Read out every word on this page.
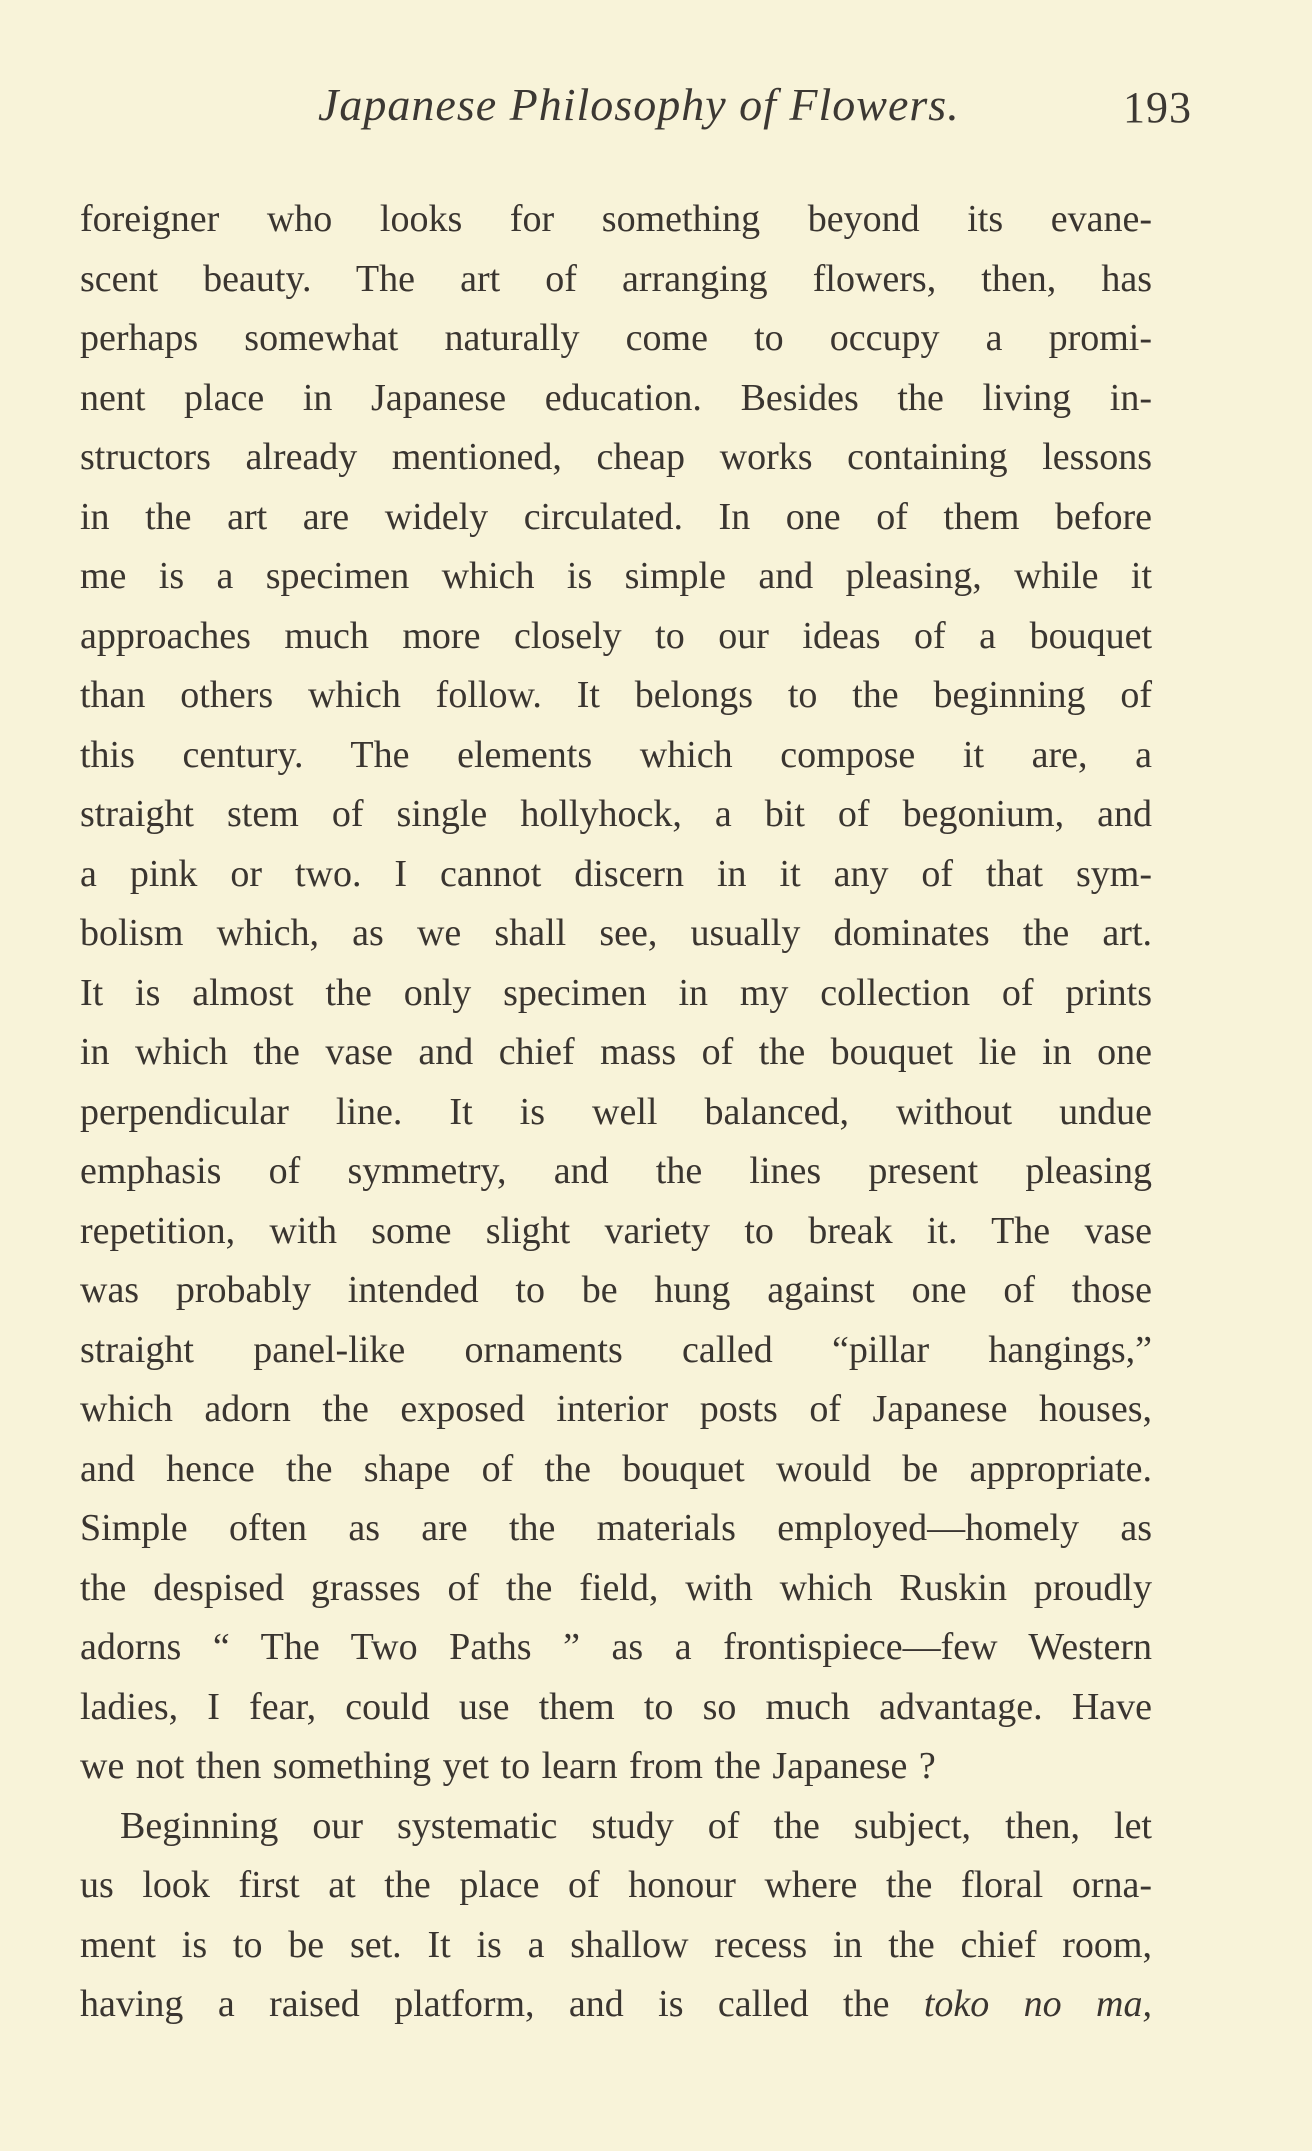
Japanese Philosophy of Flowers.	193
foreigner who looks for something beyond its evane-
scent beauty. The art of arranging flowers, then, has
perhaps somewhat naturally come to occupy a promi-
nent place in Japanese education. Besides the living in-
structors already mentioned, cheap works containing lessons
in the art are widely circulated. In one of them before
me is a specimen which is simple and pleasing, while it
approaches much more closely to our ideas of a bouquet
than others which follow. It belongs to the beginning of
this century. The elements which compose it are, a
straight stem of single hollyhock, a bit of begonium, and
a pink or two. I cannot discern in it any of that sym-
bolism which, as we shall see, usually dominates the art.
It is almost the only specimen in my collection of prints
in which the vase and chief mass of the bouquet lie in one
perpendicular line. It is well balanced, without undue
emphasis of symmetry, and the lines present pleasing
repetition, with some slight variety to break it. The vase
was probably intended to be hung against one of those
straight panel-like ornaments called “pillar hangings,”
which adorn the exposed interior posts of Japanese houses,
and hence the shape of the bouquet would be appropriate.
Simple often as are the materials employed—homely as
the despised grasses of the field, with which Ruskin proudly
adorns “ The Two Paths ” as a frontispiece—few Western
ladies, I fear, could use them to so much advantage. Have
we not then something yet to learn from the Japanese ?
Beginning our systematic study of the subject, then, let
us look first at the place of honour where the floral orna-
ment is to be set. It is a shallow recess in the chief room,
having a raised platform, and is called the toko no ma,
